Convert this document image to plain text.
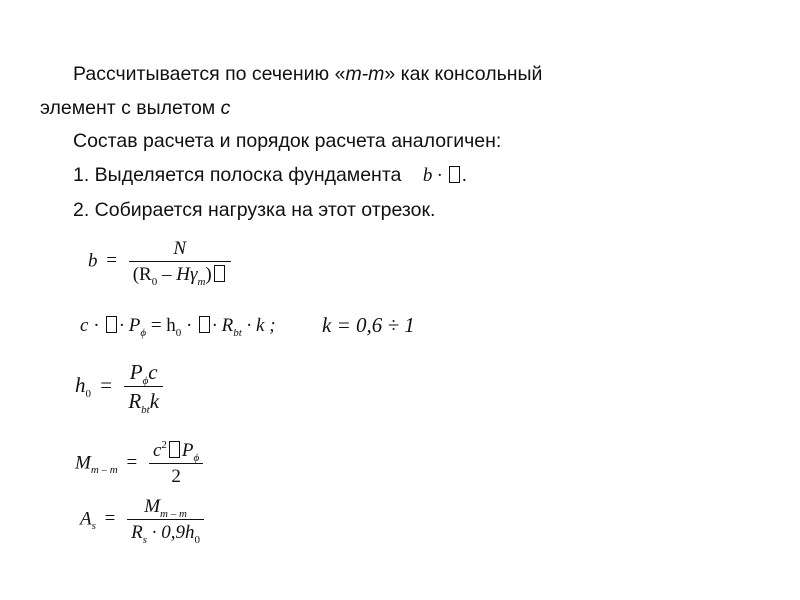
Рассчитывается по сечению «m-m» как консольный
элемент с вылетом c
Состав расчета и порядок расчета аналогичен:
1. Выделяется полоска фундамента b · .
2. Собирается нагрузка на этот отрезок.
$b = \frac{N}{(R_0 - H\gamma_m)}$
c · · $P_\phi = h_0$ · · $R_{bt} \cdot k$ ; k = 0,6 ÷ 1
$h_0 = \frac{P_\phi c}{R_{bt}k}$
$M_{m - m} = \frac{c^2 P_\phi}{2}$
$A_s = \frac{M_{m - m}}{R_s \cdot 0,9h_0}$
